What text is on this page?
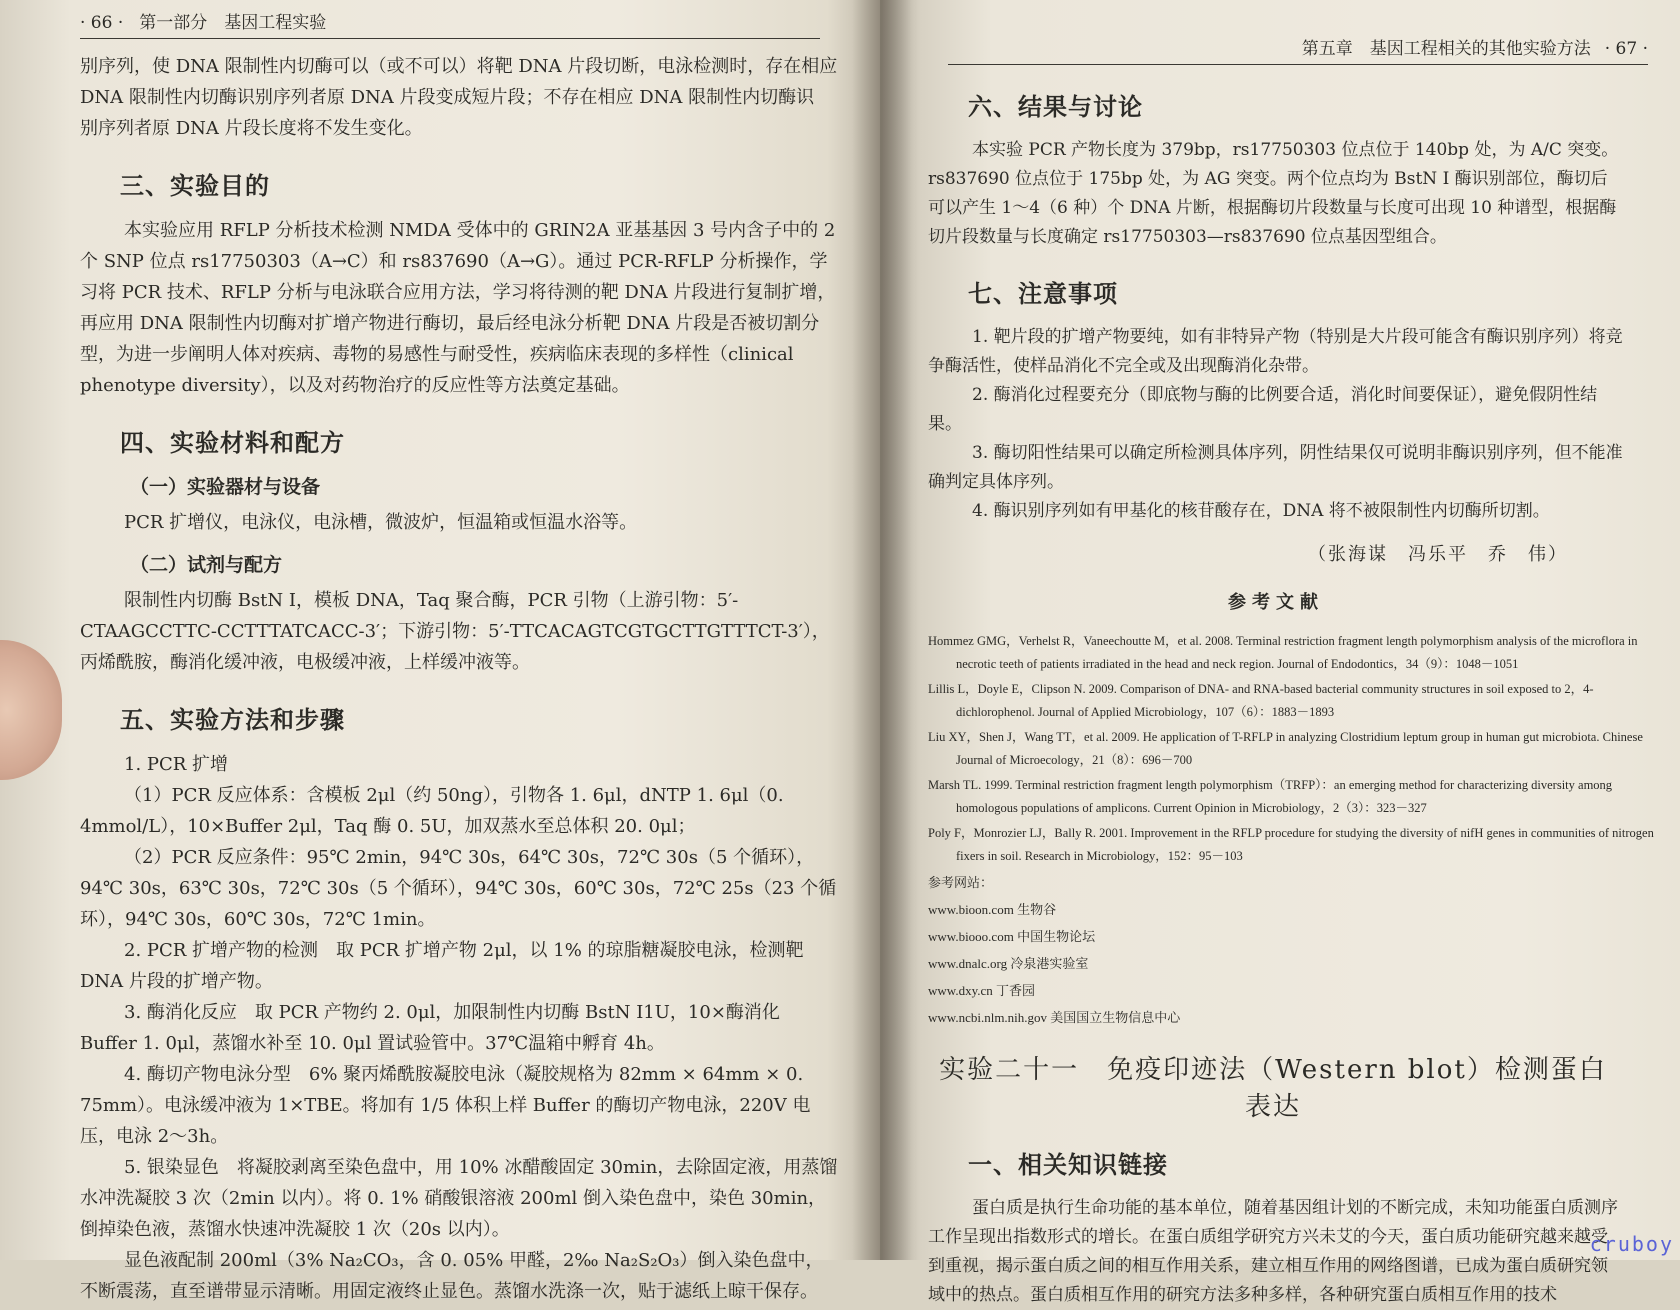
· 66 · 第一部分　基因工程实验

别序列，使 DNA 限制性内切酶可以（或不可以）将靶 DNA 片段切断，电泳检测时，存在相应

DNA 限制性内切酶识别序列者原 DNA 片段变成短片段；不存在相应 DNA 限制性内切酶识

别序列者原 DNA 片段长度将不发生变化。

三、实验目的

本实验应用 RFLP 分析技术检测 NMDA 受体中的 GRIN2A 亚基基因 3 号内含子中的 2 个 SNP 位点 rs17750303（A→C）和 rs837690（A→G）。通过 PCR-RFLP 分析操作，学习将 PCR 技术、RFLP 分析与电泳联合应用方法，学习将待测的靶 DNA 片段进行复制扩增，再应用 DNA 限制性内切酶对扩增产物进行酶切，最后经电泳分析靶 DNA 片段是否被切割分型，为进一步阐明人体对疾病、毒物的易感性与耐受性，疾病临床表现的多样性（clinical phenotype diversity），以及对药物治疗的反应性等方法奠定基础。

四、实验材料和配方
（一）实验器材与设备

PCR 扩增仪，电泳仪，电泳槽，微波炉，恒温箱或恒温水浴等。

（二）试剂与配方

限制性内切酶 BstN I，模板 DNA，Taq 聚合酶，PCR 引物（上游引物：5′-CTAAGCCTTC-CCTTTATCACC-3′；下游引物：5′-TTCACAGTCGTGCTTGTTTCT-3′），丙烯酰胺，酶消化缓冲液，电极缓冲液，上样缓冲液等。

五、实验方法和步骤

1. PCR 扩增

（1）PCR 反应体系：含模板 2μl（约 50ng），引物各 1. 6μl，dNTP 1. 6μl（0. 4mmol/L），10×Buffer 2μl，Taq 酶 0. 5U，加双蒸水至总体积 20. 0μl；

（2）PCR 反应条件：95℃ 2min，94℃ 30s，64℃ 30s，72℃ 30s（5 个循环），94℃ 30s，63℃ 30s，72℃ 30s（5 个循环），94℃ 30s，60℃ 30s，72℃ 25s（23 个循环），94℃ 30s，60℃ 30s，72℃ 1min。

2. PCR 扩增产物的检测　取 PCR 扩增产物 2μl，以 1% 的琼脂糖凝胶电泳，检测靶 DNA 片段的扩增产物。

3. 酶消化反应　取 PCR 产物约 2. 0μl，加限制性内切酶 BstN I1U，10×酶消化 Buffer 1. 0μl，蒸馏水补至 10. 0μl 置试验管中。37℃温箱中孵育 4h。

4. 酶切产物电泳分型　6% 聚丙烯酰胺凝胶电泳（凝胶规格为 82mm × 64mm × 0. 75mm）。电泳缓冲液为 1×TBE。将加有 1/5 体积上样 Buffer 的酶切产物电泳，220V 电压，电泳 2～3h。

5. 银染显色　将凝胶剥离至染色盘中，用 10% 冰醋酸固定 30min，去除固定液，用蒸馏水冲洗凝胶 3 次（2min 以内）。将 0. 1% 硝酸银溶液 200ml 倒入染色盘中，染色 30min，倒掉染色液，蒸馏水快速冲洗凝胶 1 次（20s 以内）。

显色液配制 200ml（3% Na₂CO₃，含 0. 05% 甲醛，2‰ Na₂S₂O₃）倒入染色盘中，不断震荡，直至谱带显示清晰。用固定液终止显色。蒸馏水洗涤一次，贴于滤纸上晾干保存。

第五章　基因工程相关的其他实验方法 · 67 ·
六、结果与讨论

本实验 PCR 产物长度为 379bp，rs17750303 位点位于 140bp 处，为 A/C 突变。rs837690 位点位于 175bp 处，为 AG 突变。两个位点均为 BstN I 酶识别部位，酶切后可以产生 1～4（6 种）个 DNA 片断，根据酶切片段数量与长度可出现 10 种谱型，根据酶切片段数量与长度确定 rs17750303—rs837690 位点基因型组合。

七、注意事项

1. 靶片段的扩增产物要纯，如有非特异产物（特别是大片段可能含有酶识别序列）将竞争酶活性，使样品消化不完全或及出现酶消化杂带。

2. 酶消化过程要充分（即底物与酶的比例要合适，消化时间要保证），避免假阴性结果。

3. 酶切阳性结果可以确定所检测具体序列，阴性结果仅可说明非酶识别序列，但不能准确判定具体序列。

4. 酶识别序列如有甲基化的核苷酸存在，DNA 将不被限制性内切酶所切割。

（张海谋　冯乐平　乔　伟）
参考文献
Hommez GMG，Verhelst R，Vaneechoutte M，et al. 2008. Terminal restriction fragment length polymorphism analysis of the microflora in necrotic teeth of patients irradiated in the head and neck region. Journal of Endodontics，34（9）：1048－1051
Lillis L，Doyle E，Clipson N. 2009. Comparison of DNA- and RNA-based bacterial community structures in soil exposed to 2，4-dichlorophenol. Journal of Applied Microbiology，107（6）：1883－1893
Liu XY，Shen J，Wang TT，et al. 2009. He application of T-RFLP in analyzing Clostridium leptum group in human gut microbiota. Chinese Journal of Microecology，21（8）：696－700
Marsh TL. 1999. Terminal restriction fragment length polymorphism（TRFP）：an emerging method for characterizing diversity among homologous populations of amplicons. Current Opinion in Microbiology，2（3）：323－327
Poly F，Monrozier LJ，Bally R. 2001. Improvement in the RFLP procedure for studying the diversity of nifH genes in communities of nitrogen fixers in soil. Research in Microbiology，152：95－103
参考网站：
www.bioon.com 生物谷
www.biooo.com 中国生物论坛
www.dnalc.org 冷泉港实验室
www.dxy.cn 丁香园
www.ncbi.nlm.nih.gov 美国国立生物信息中心
实验二十一　免疫印迹法（Western blot）检测蛋白表达
一、相关知识链接

蛋白质是执行生命功能的基本单位，随着基因组计划的不断完成，未知功能蛋白质测序工作呈现出指数形式的增长。在蛋白质组学研究方兴未艾的今天，蛋白质功能研究越来越受到重视，揭示蛋白质之间的相互作用关系，建立相互作用的网络图谱，已成为蛋白质研究领域中的热点。蛋白质相互作用的研究方法多种多样，各种研究蛋白质相互作用的技术

cruboy
